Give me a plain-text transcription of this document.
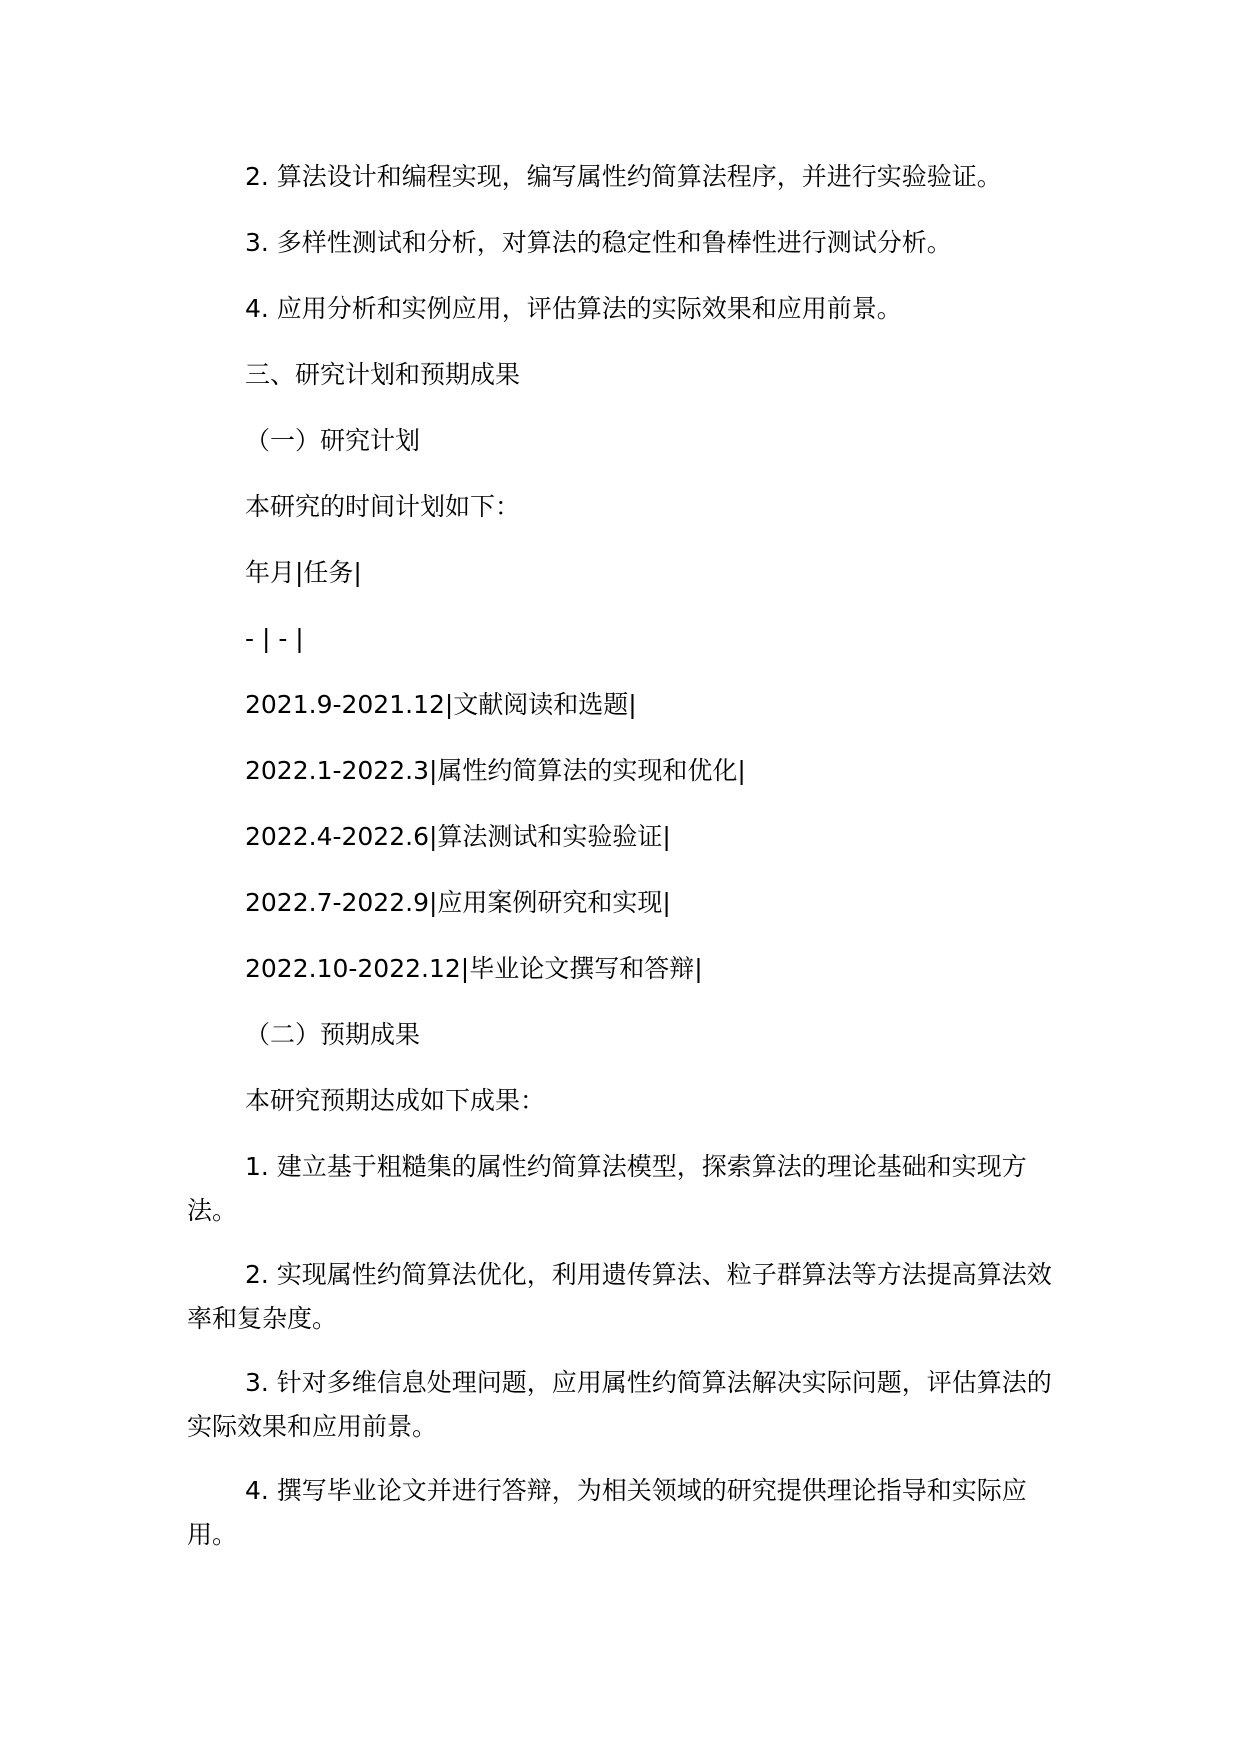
2. 算法设计和编程实现，编写属性约简算法程序，并进行实验验证。

3. 多样性测试和分析，对算法的稳定性和鲁棒性进行测试分析。

4. 应用分析和实例应用，评估算法的实际效果和应用前景。

三、研究计划和预期成果

（一）研究计划

本研究的时间计划如下：

年月|任务|

- | - |

2021.9-2021.12|文献阅读和选题|

2022.1-2022.3|属性约简算法的实现和优化|

2022.4-2022.6|算法测试和实验验证|

2022.7-2022.9|应用案例研究和实现|

2022.10-2022.12|毕业论文撰写和答辩|

（二）预期成果

本研究预期达成如下成果：

1. 建立基于粗糙集的属性约简算法模型，探索算法的理论基础和实现方法。

2. 实现属性约简算法优化，利用遗传算法、粒子群算法等方法提高算法效率和复杂度。

3. 针对多维信息处理问题，应用属性约简算法解决实际问题，评估算法的实际效果和应用前景。

4. 撰写毕业论文并进行答辩，为相关领域的研究提供理论指导和实际应用。
